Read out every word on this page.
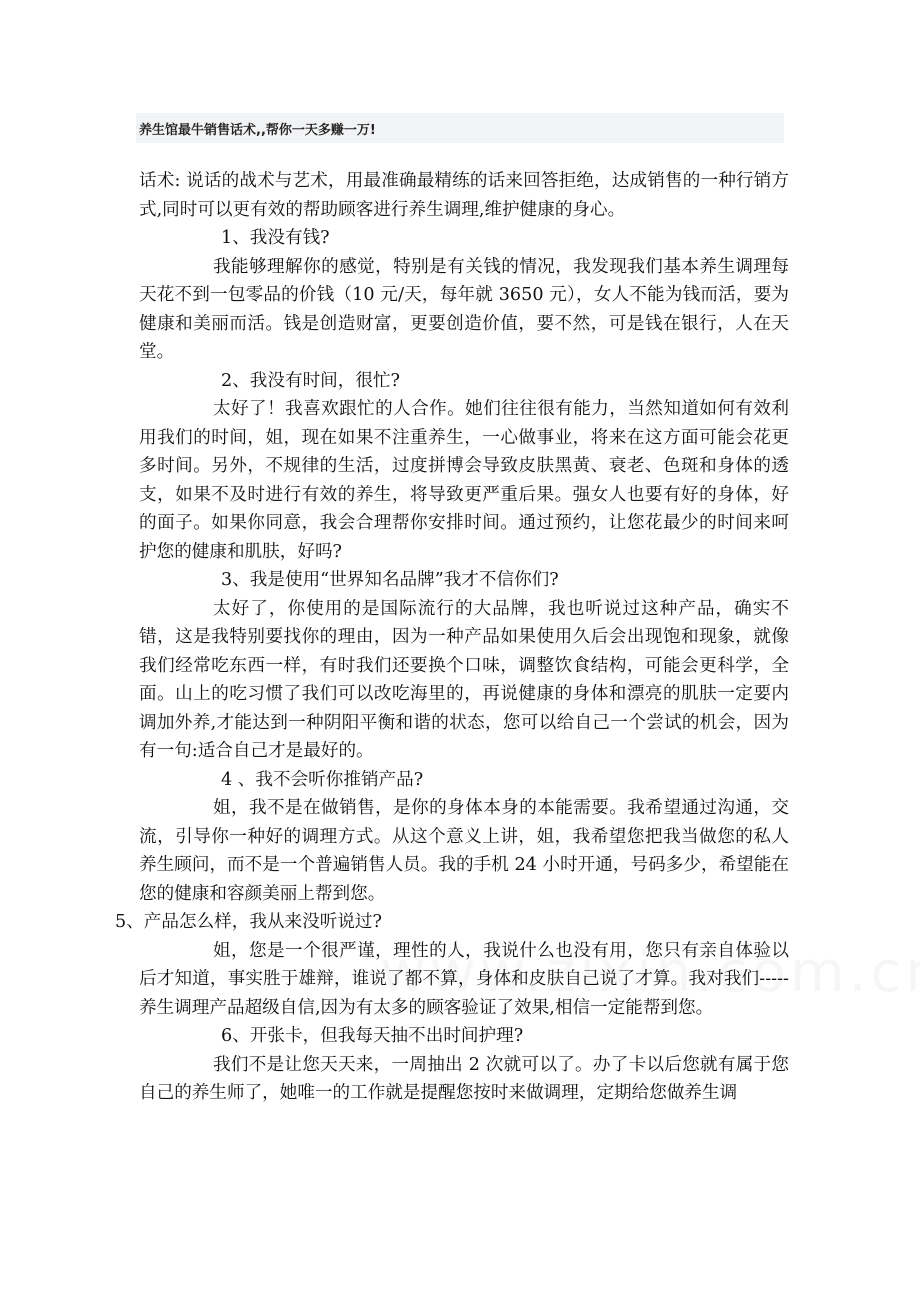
养生馆最牛销售话术,,帮你一天多赚一万!

话术: 说话的战术与艺术，用最准确最精练的话来回答拒绝，达成销售的一种行销方式,同时可以更有效的帮助顾客进行养生调理,维护健康的身心。

1、我没有钱?

我能够理解你的感觉，特别是有关钱的情况，我发现我们基本养生调理每天花不到一包零品的价钱（10 元/天，每年就 3650 元），女人不能为钱而活，要为健康和美丽而活。钱是创造财富，更要创造价值，要不然，可是钱在银行，人在天堂。

2、我没有时间，很忙?

太好了！我喜欢跟忙的人合作。她们往往很有能力，当然知道如何有效利用我们的时间，姐，现在如果不注重养生，一心做事业，将来在这方面可能会花更多时间。另外，不规律的生活，过度拼博会导致皮肤黑黄、衰老、色斑和身体的透支，如果不及时进行有效的养生，将导致更严重后果。强女人也要有好的身体，好的面子。如果你同意，我会合理帮你安排时间。通过预约，让您花最少的时间来呵护您的健康和肌肤，好吗?

3、我是使用“世界知名品牌”我才不信你们?

太好了，你使用的是国际流行的大品牌，我也听说过这种产品，确实不错，这是我特别要找你的理由，因为一种产品如果使用久后会出现饱和现象，就像我们经常吃东西一样，有时我们还要换个口味，调整饮食结构，可能会更科学，全面。山上的吃习惯了我们可以改吃海里的，再说健康的身体和漂亮的肌肤一定要内调加外养,才能达到一种阴阳平衡和谐的状态，您可以给自己一个尝试的机会，因为有一句:适合自己才是最好的。

4 、我不会听你推销产品?

姐，我不是在做销售，是你的身体本身的本能需要。我希望通过沟通，交流，引导你一种好的调理方式。从这个意义上讲，姐，我希望您把我当做您的私人养生顾问，而不是一个普遍销售人员。我的手机 24 小时开通，号码多少，希望能在您的健康和容颜美丽上帮到您。

5、产品怎么样，我从来没听说过?

姐，您是一个很严谨，理性的人，我说什么也没有用，您只有亲自体验以后才知道，事实胜于雄辩，谁说了都不算，身体和皮肤自己说了才算。我对我们-----养生调理产品超级自信,因为有太多的顾客验证了效果,相信一定能帮到您。

6、开张卡，但我每天抽不出时间护理?

我们不是让您天天来，一周抽出 2 次就可以了。办了卡以后您就有属于您自己的养生师了，她唯一的工作就是提醒您按时来做调理，定期给您做养生调
